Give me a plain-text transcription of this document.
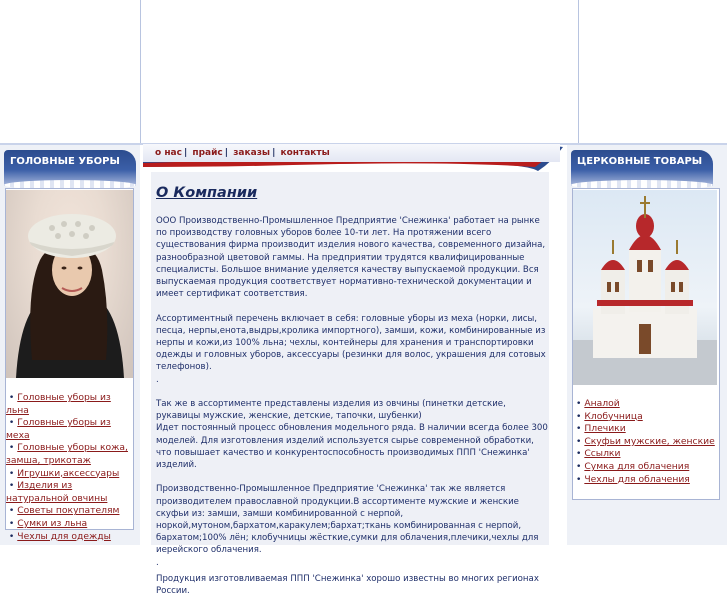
о нас | прайс | заказы | контакты
О Компании

ООО Производственно-Промышленное Предприятие 'Снежинка' работает на рынке по производству головных уборов более 10-ти лет. На протяжении всего существования фирма производит изделия нового качества, современного дизайна, разнообразной цветовой гаммы. На предприятии трудятся квалифицированные специалисты. Большое внимание уделяется качеству выпускаемой продукции. Вся выпускаемая продукция соответствует нормативно-технической документации и имеет сертификат соответствия.

Ассортиментный перечень включает в себя: головные уборы из меха (норки, лисы, песца, нерпы,енота,выдры,кролика импортного), замши, кожи, комбинированные из нерпы и кожи,из 100% льна; чехлы, контейнеры для хранения и транспортировки одежды и головных уборов, аксессуары (резинки для волос, украшения для сотовых телефонов).

.

Так же в ассортименте представлены изделия из овчины (пинетки детские, рукавицы мужские, женские, детские, тапочки, шубенки)

Идет постоянный процесс обновления модельного ряда. В наличии всегда более 300 моделей. Для изготовления изделий используется сырье современной обработки, что повышает качество и конкурентоспособность производимых ППП 'Снежинка' изделий.

Производственно-Промышленное Предприятие 'Снежинка' так же является производителем православной продукции.В ассортименте мужские и женские скуфьи из: замши, замши комбинированной с нерпой, норкой,мутоном,бархатом,каракулем;бархат;ткань комбинированная с нерпой, бархатом;100% лён; клобучницы жёсткие,сумки для облачения,плечики,чехлы для иерейского облачения.

.

Продукция изготовливаемая ППП 'Снежинка' хорошо известны во многих регионах России.

ГОЛОВНЫЕ УБОРЫ
• Головные уборы из льна
• Головные уборы из меха
• Головные уборы кожа, замша, трикотаж
• Игрушки,аксессуары
• Изделия из натуральной овчины
• Советы покупателям
• Сумки из льна
• Чехлы для одежды
ЦЕРКОВНЫЕ ТОВАРЫ
• Аналой
• Клобучница
• Плечики
• Скуфьи мужские, женские
• Ссылки
• Сумка для облачения
• Чехлы для облачения
